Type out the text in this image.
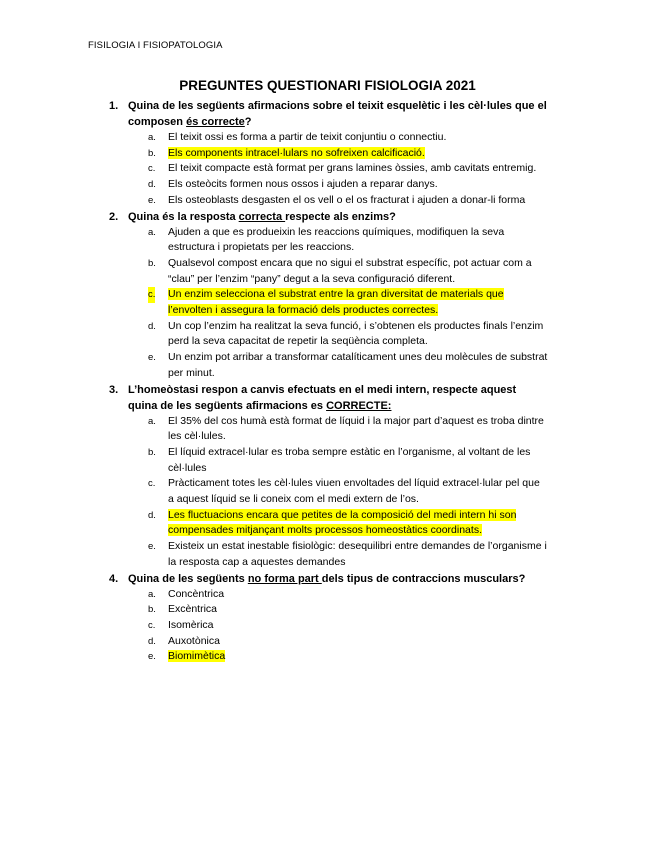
FISILOGIA I FISIOPATOLOGIA
PREGUNTES QUESTIONARI FISIOLOGIA 2021
1. Quina de les següents afirmacions sobre el teixit esquelètic i les cèl·lules que el composen és correcte?
a. El teixit ossi es forma a partir de teixit conjuntiu o connectiu.
b. Els components intracel·lulars no sofreixen calcificació.
c. El teixit compacte està format per grans lamines òssies, amb cavitats entremig.
d. Els osteòcits formen nous ossos i ajuden a reparar danys.
e. Els osteoblasts desgasten el os vell o el os fracturat i ajuden a donar-li forma
2. Quina és la resposta correcta respecte als enzims?
a. Ajuden a que es produeixin les reaccions químiques, modifiquen la seva estructura i propietats per les reaccions.
b. Qualsevol compost encara que no sigui el substrat específic, pot actuar com a “clau” per l’enzim “pany” degut a la seva configuració diferent.
c. Un enzim selecciona el substrat entre la gran diversitat de materials que l’envolten i assegura la formació dels productes correctes.
d. Un cop l’enzim ha realitzat la seva funció, i s’obtenen els productes finals l’enzim perd la seva capacitat de repetir la seqüència completa.
e. Un enzim pot arribar a transformar catalíticament unes deu molècules de substrat per minut.
3. L’homeòstasi respon a canvis efectuats en el medi intern, respecte aquest quina de les següents afirmacions es CORRECTE:
a. El 35% del cos humà està format de líquid i la major part d’aquest es troba dintre les cèl·lules.
b. El líquid extracel·lular es troba sempre estàtic en l’organisme, al voltant de les cèl·lules
c. Pràcticament totes les cèl·lules viuen envoltades del líquid extracel·lular pel que a aquest líquid se li coneix com el medi extern de l’os.
d. Les fluctuacions encara que petites de la composició del medi intern hi son compensades mitjançant molts processos homeostàtics coordinats.
e. Existeix un estat inestable fisiològic: desequilibri entre demandes de l’organisme i la resposta cap a aquestes demandes
4. Quina de les següents no forma part dels tipus de contraccions musculars?
a. Concèntrica
b. Excèntrica
c. Isomèrica
d. Auxotònica
e. Biomimètica
